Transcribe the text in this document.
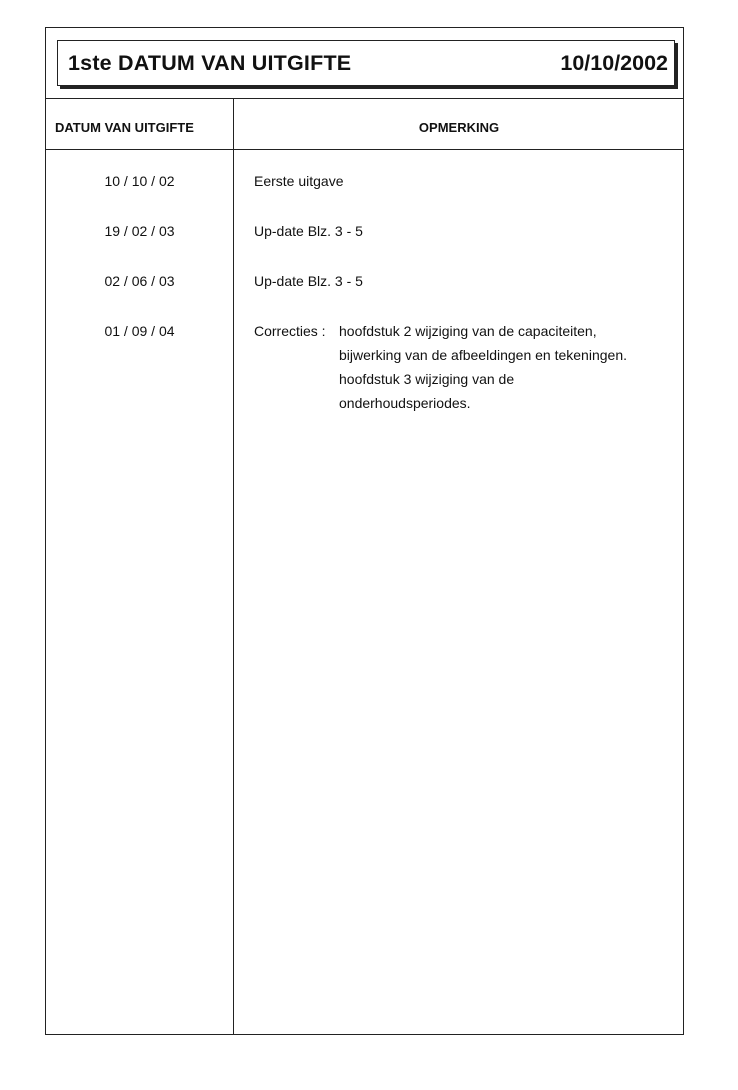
1ste DATUM VAN UITGIFTE	10/10/2002
DATUM VAN UITGIFTE	OPMERKING
10 / 10 / 02	Eerste uitgave
19 / 02 / 03	Up-date Blz. 3 - 5
02 / 06 / 03	Up-date Blz. 3 - 5
01 / 09 / 04	Correcties : hoofdstuk 2 wijziging van de capaciteiten,
bijwerking van de afbeeldingen en tekeningen.
hoofdstuk 3 wijziging van de
onderhoudsperiodes.
